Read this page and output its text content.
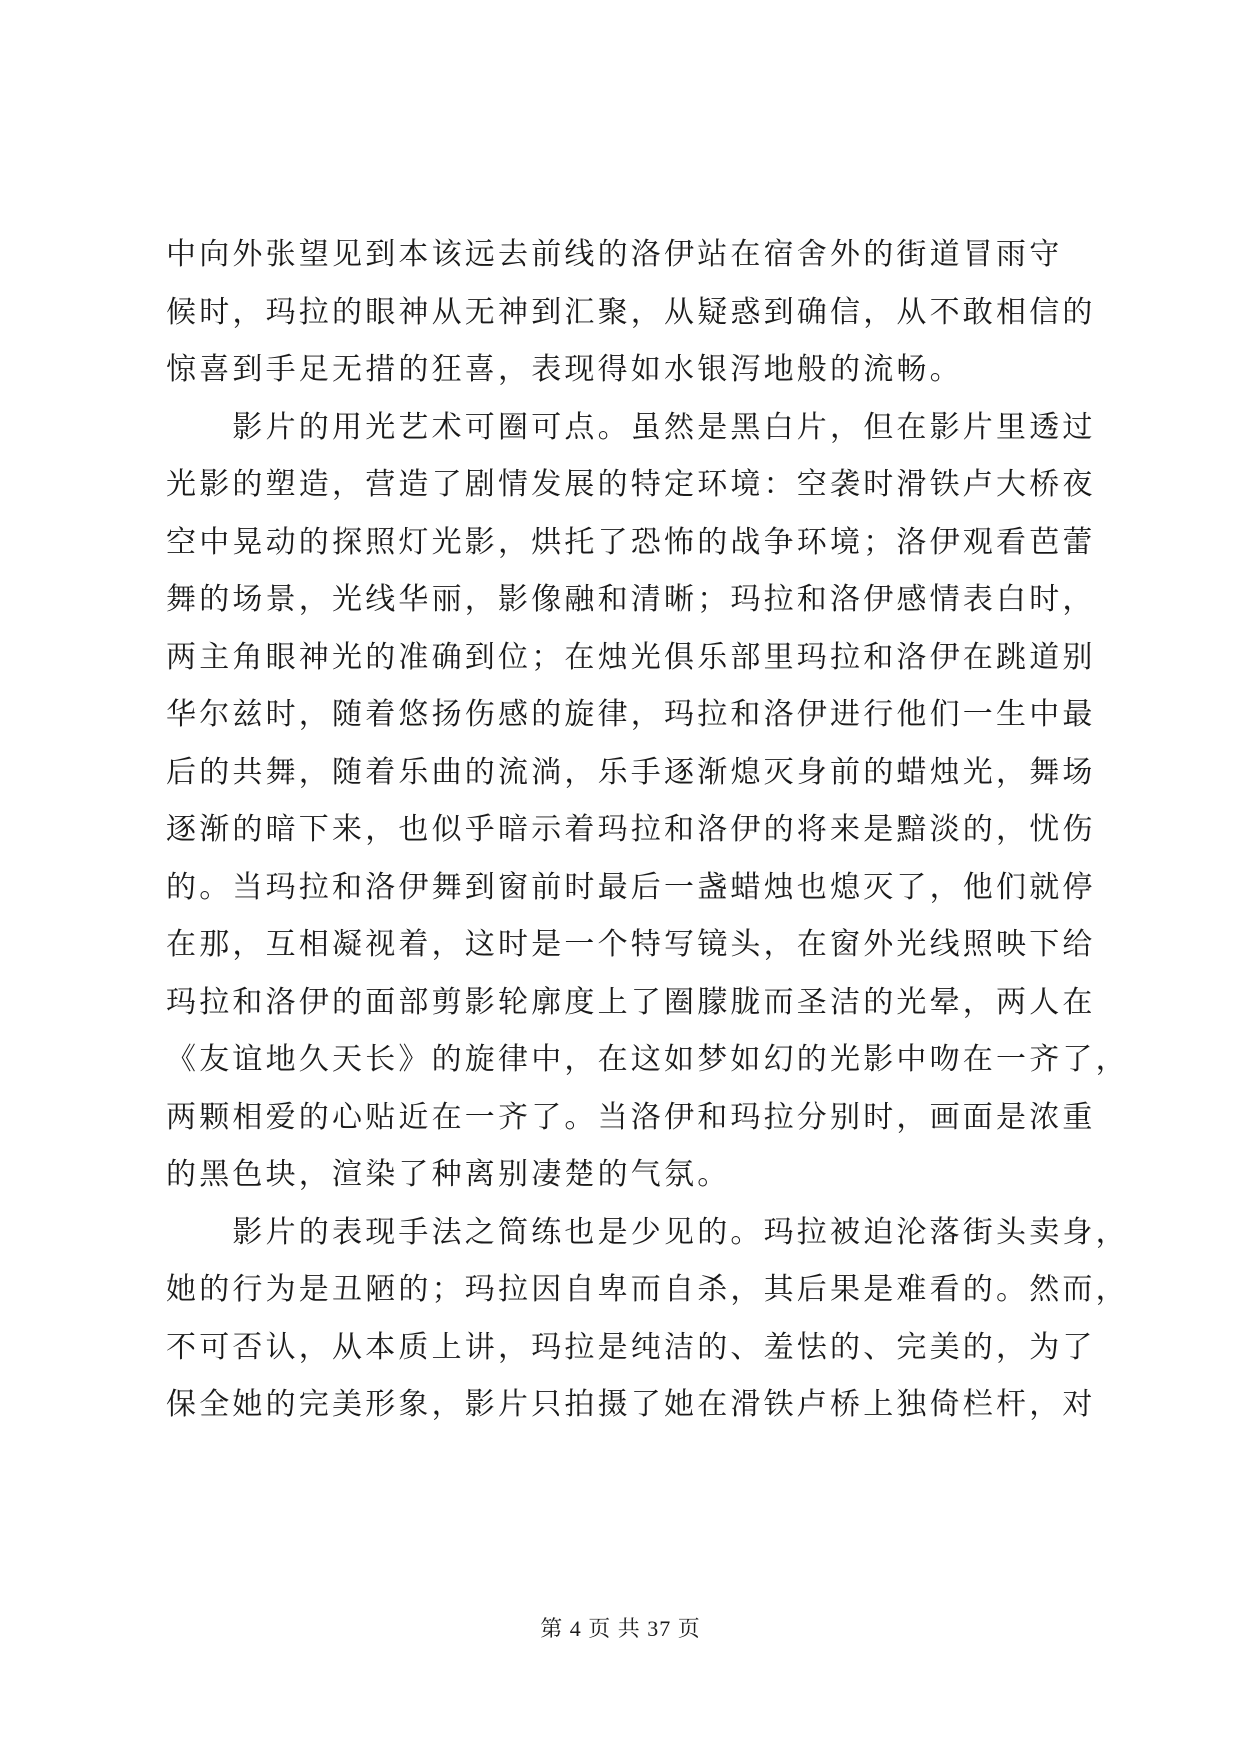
中向外张望见到本该远去前线的洛伊站在宿舍外的街道冒雨守
候时，玛拉的眼神从无神到汇聚，从疑惑到确信，从不敢相信的
惊喜到手足无措的狂喜，表现得如水银泻地般的流畅。
　　影片的用光艺术可圈可点。虽然是黑白片，但在影片里透过
光影的塑造，营造了剧情发展的特定环境：空袭时滑铁卢大桥夜
空中晃动的探照灯光影，烘托了恐怖的战争环境；洛伊观看芭蕾
舞的场景，光线华丽，影像融和清晰；玛拉和洛伊感情表白时，
两主角眼神光的准确到位；在烛光俱乐部里玛拉和洛伊在跳道别
华尔兹时，随着悠扬伤感的旋律，玛拉和洛伊进行他们一生中最
后的共舞，随着乐曲的流淌，乐手逐渐熄灭身前的蜡烛光，舞场
逐渐的暗下来，也似乎暗示着玛拉和洛伊的将来是黯淡的，忧伤
的。当玛拉和洛伊舞到窗前时最后一盏蜡烛也熄灭了，他们就停
在那，互相凝视着，这时是一个特写镜头，在窗外光线照映下给
玛拉和洛伊的面部剪影轮廓度上了圈朦胧而圣洁的光晕，两人在
《友谊地久天长》的旋律中，在这如梦如幻的光影中吻在一齐了，
两颗相爱的心贴近在一齐了。当洛伊和玛拉分别时，画面是浓重
的黑色块，渲染了种离别凄楚的气氛。
　　影片的表现手法之简练也是少见的。玛拉被迫沦落街头卖身，
她的行为是丑陋的；玛拉因自卑而自杀，其后果是难看的。然而，
不可否认，从本质上讲，玛拉是纯洁的、羞怯的、完美的，为了
保全她的完美形象，影片只拍摄了她在滑铁卢桥上独倚栏杆，对
第 4 页 共 37 页
